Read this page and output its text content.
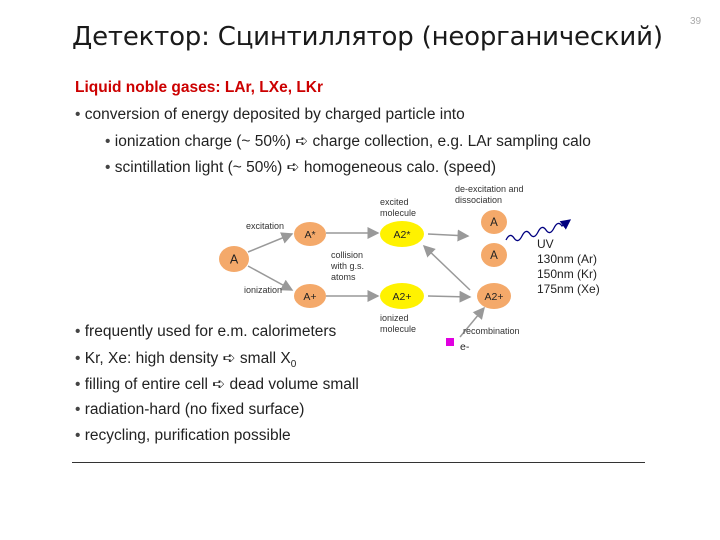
Детектор: Сцинтиллятор (неорганический)
39
Liquid noble gases: LAr, LXe, LKr
• conversion of energy deposited by charged particle into
• ionization charge (~ 50%) ➪ charge collection, e.g. LAr sampling calo
• scintillation light (~ 50%) ➪ homogeneous calo. (speed)
A
A*
A+
A2*
A2+
A
A
A2+
e-
excitation
ionization
excited
molecule
ionized
molecule
collision
with g.s.
atoms
de-excitation and
dissociation
recombination
UV
130nm (Ar)
150nm (Kr)
175nm (Xe)
• frequently used for e.m. calorimeters
• Kr, Xe: high density ➪ small $X_0$
• filling of entire cell ➪ dead volume small
• radiation-hard (no fixed surface)
• recycling, purification possible
